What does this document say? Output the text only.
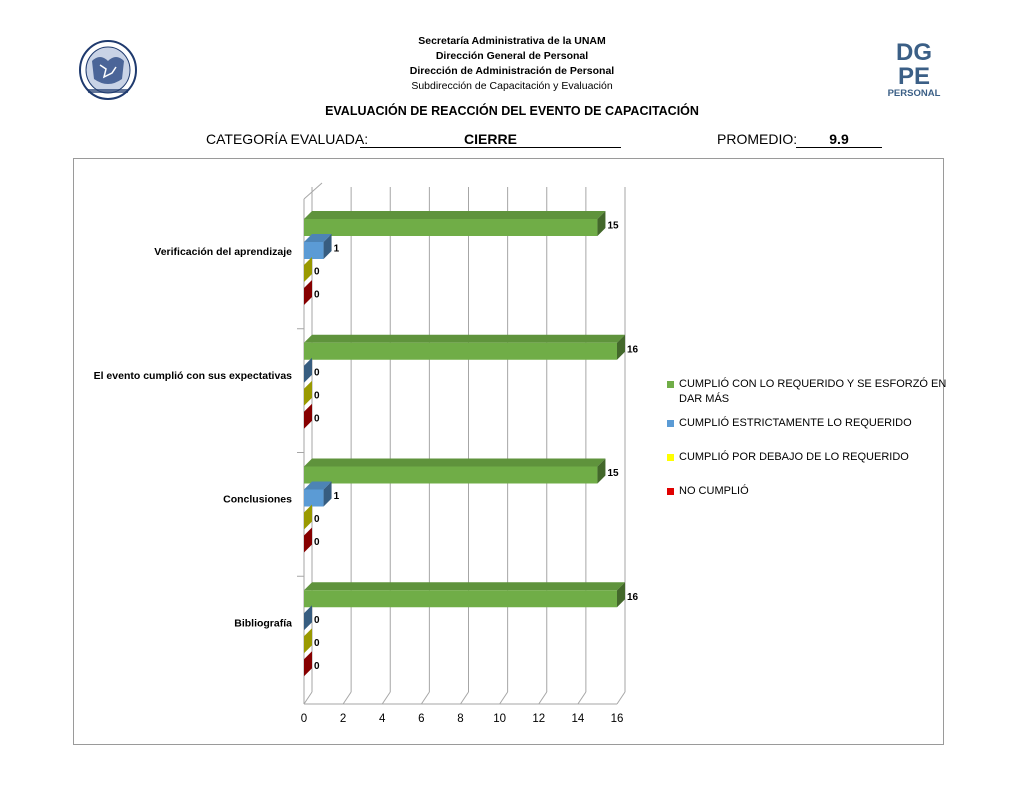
DG
PE
PERSONAL
Secretaría Administrativa de la UNAM
Dirección General de Personal
Dirección de Administración de Personal
Subdirección de Capacitación y Evaluación
EVALUACIÓN DE REACCIÓN DEL EVENTO DE CAPACITACIÓN
CATEGORÍA EVALUADA:	CIERRE	PROMEDIO:	9.9
0	2	4	6	8	10 12 14 16
Verificación del aprendizaje
15
1
0
0
El evento cumplió con sus expectativas
16
0
0
0
Conclusiones
15
1
0
0
Bibliografía
16
0
0
0
CUMPLIÓ CON LO REQUERIDO Y SE ESFORZÓ EN DAR MÁS
CUMPLIÓ ESTRICTAMENTE LO REQUERIDO
CUMPLIÓ POR DEBAJO DE LO REQUERIDO
NO CUMPLIÓ
